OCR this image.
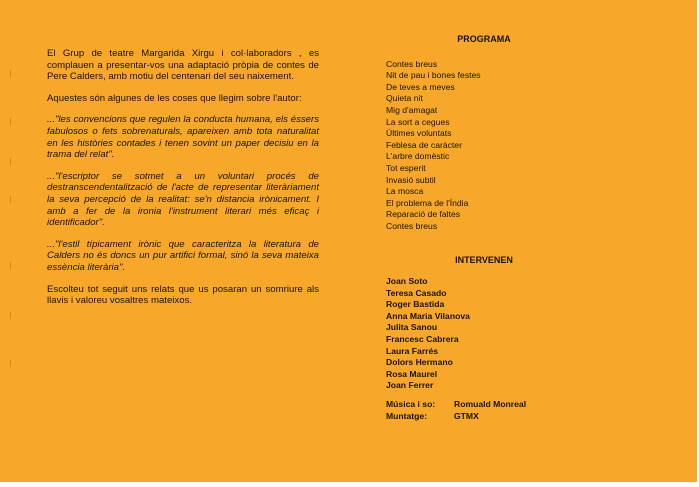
El Grup de teatre Margarida Xirgu i col·laboradors , es complauen a presentar-vos una adaptació pròpia de contes de Pere Calders, amb motiu del centenari del seu naixement.

Aquestes són algunes de les coses que llegim sobre l'autor:

..."les convencions que regulen la conducta humana, els éssers fabulosos o fets sobrenaturals, apareixen amb tota naturalitat en les històries contades i tenen sovint un paper decisiu en la trama del relat".

..."l'escriptor se sotmet a un voluntari procés de destranscendentalització de l'acte de representar literàriament la seva percepció de la realitat: se'n distancia irònicament. I amb a fer de la ironia l'instrument literari més eficaç i identificador".

..."l'estil típicament irònic que caracteritza la literatura de Calders no és doncs un pur artifici formal, sinó la seva mateixa essència literària".

Escolteu tot seguit uns relats que us posaran un somriure als llavis i valoreu vosaltres mateixos.

PROGRAMA
Contes breus
Nit de pau i bones festes
De teves a meves
Quieta nit
Mig d'amagat
La sort a cegues
Últimes voluntats
Feblesa de caràcter
L'arbre domèstic
Tot esperit
Invasió subtil
La mosca
El problema de l'Índia
Reparació de faltes
Contes breus
INTERVENEN
Joan Soto
Teresa Casado
Roger Bastida
Anna Maria Vilanova
Julita Sanou
Francesc Cabrera
Laura Farrés
Dolors Hermano
Rosa Maurel
Joan Ferrer
Música i so:	Romuald Monreal
Muntatge:	GTMX
